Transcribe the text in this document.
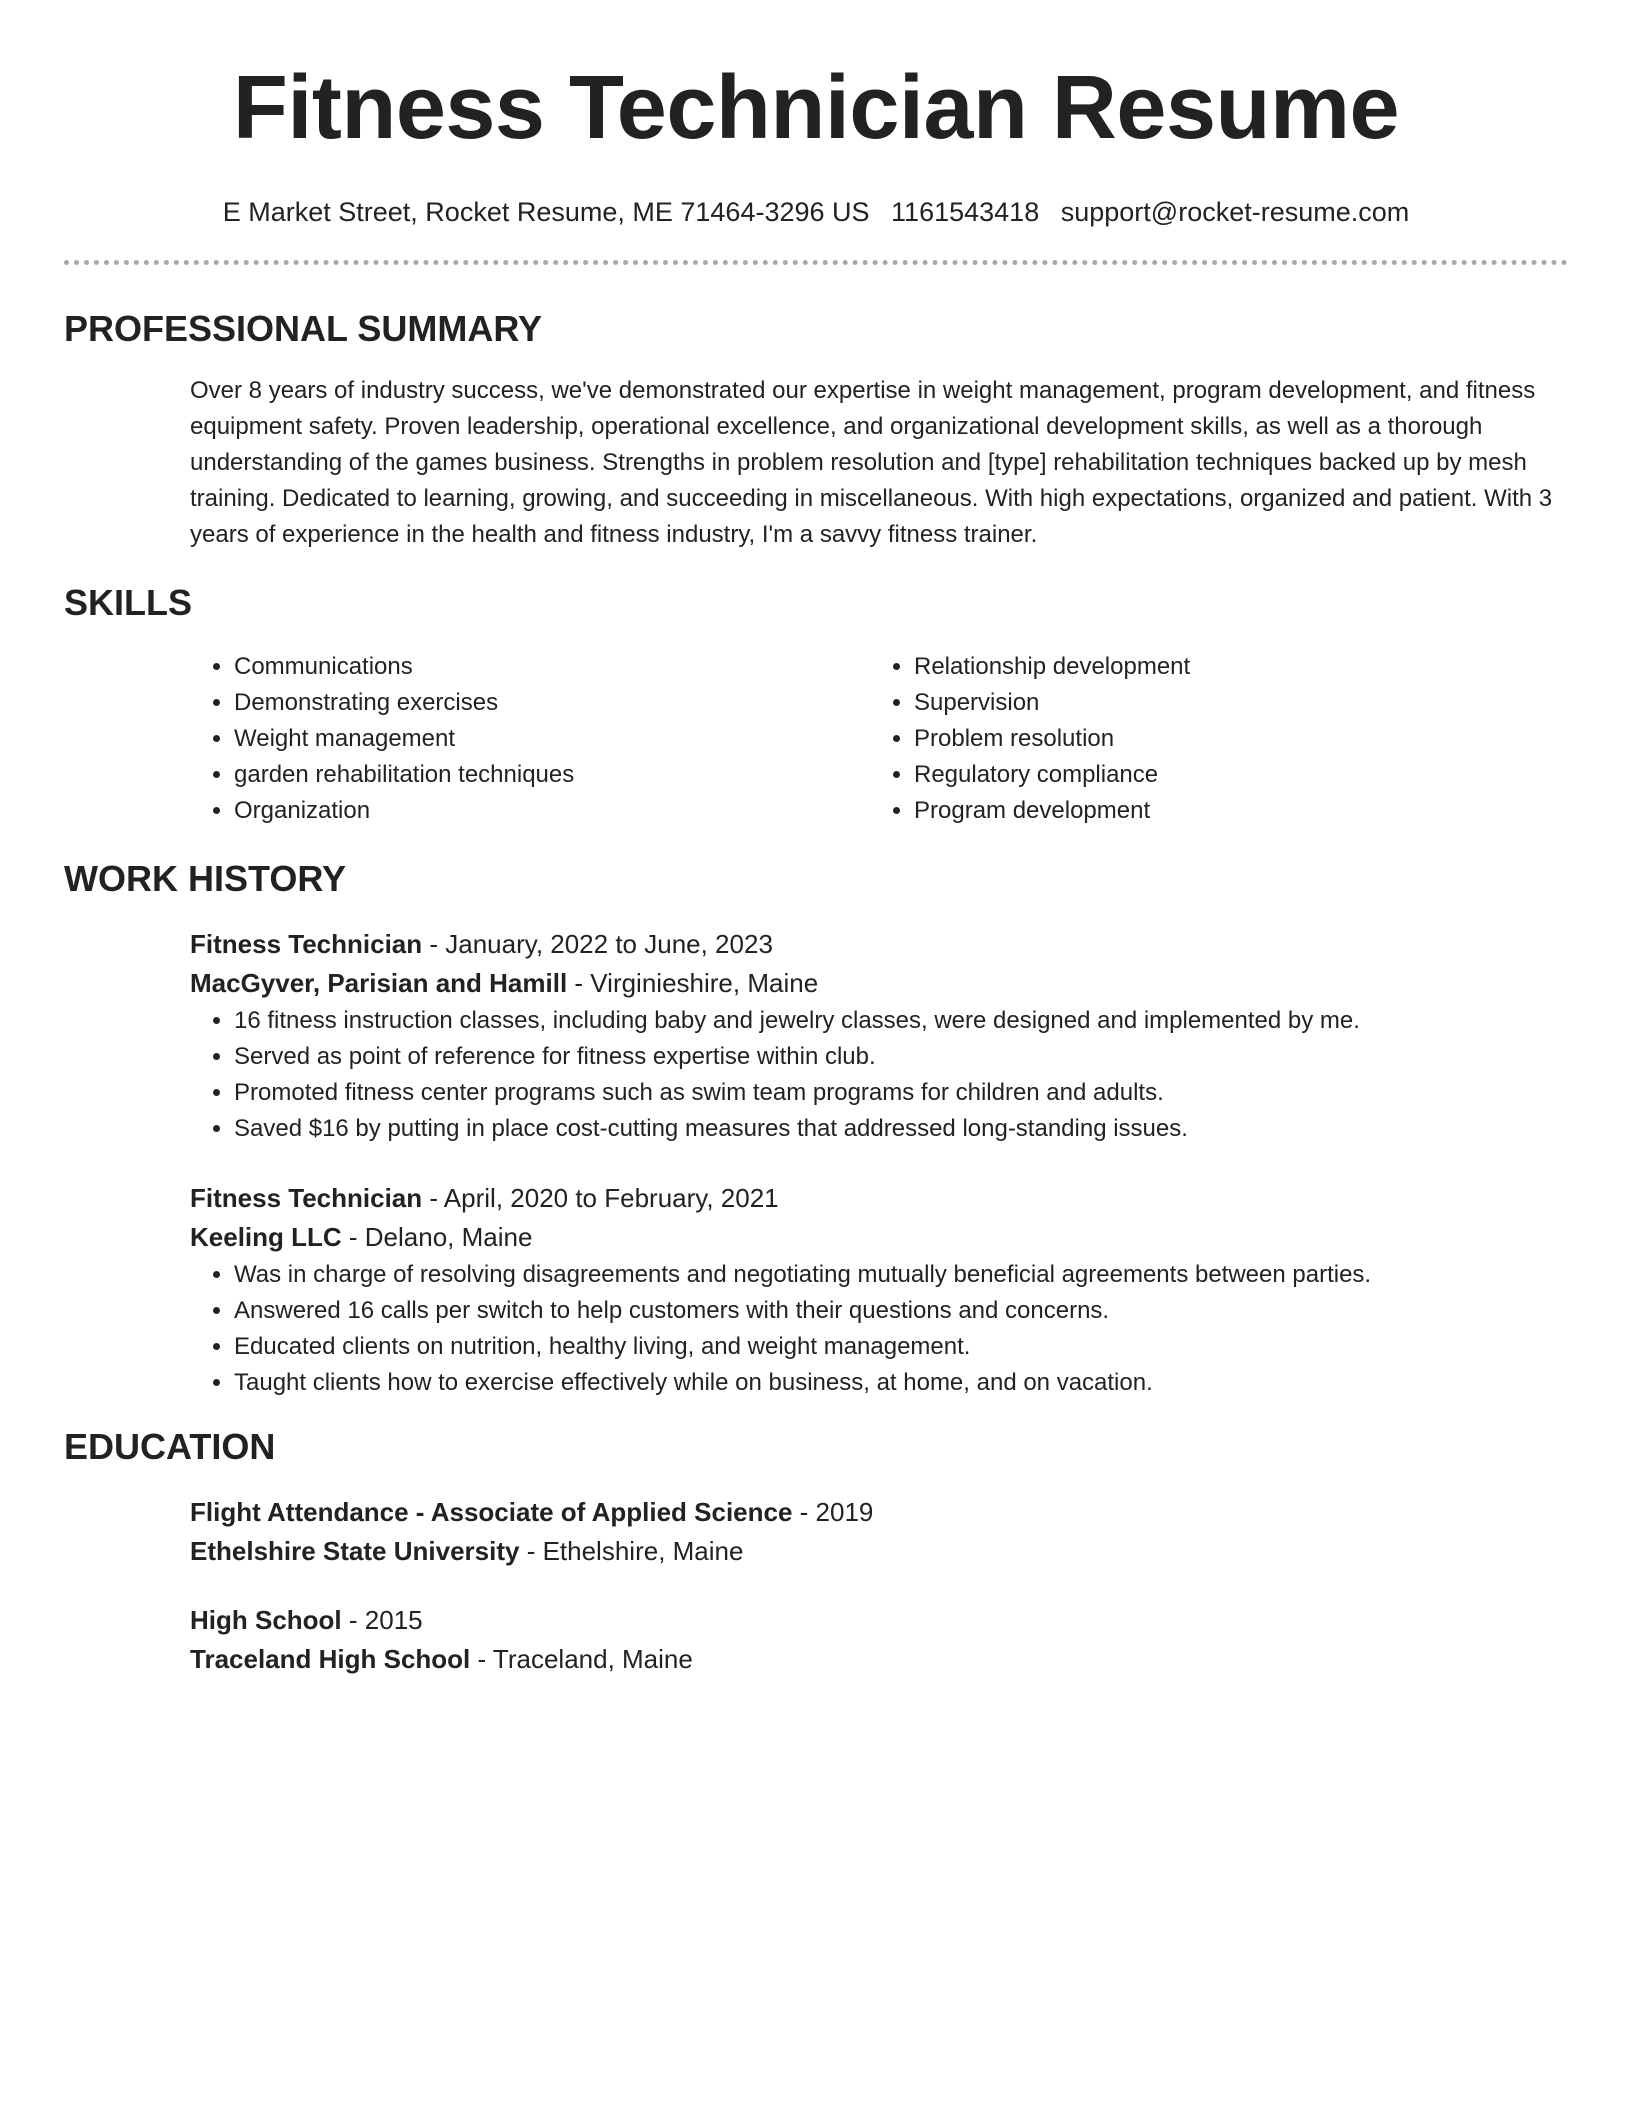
Fitness Technician Resume
E Market Street, Rocket Resume, ME 71464-3296 US 1161543418 support@rocket-resume.com
PROFESSIONAL SUMMARY
Over 8 years of industry success, we've demonstrated our expertise in weight management, program development, and fitness equipment safety. Proven leadership, operational excellence, and organizational development skills, as well as a thorough understanding of the games business. Strengths in problem resolution and [type] rehabilitation techniques backed up by mesh training. Dedicated to learning, growing, and succeeding in miscellaneous. With high expectations, organized and patient. With 3 years of experience in the health and fitness industry, I'm a savvy fitness trainer.
SKILLS
• Communications
• Demonstrating exercises
• Weight management
• garden rehabilitation techniques
• Organization
• Relationship development
• Supervision
• Problem resolution
• Regulatory compliance
• Program development
WORK HISTORY
Fitness Technician - January, 2022 to June, 2023
MacGyver, Parisian and Hamill - Virginieshire, Maine
• 16 fitness instruction classes, including baby and jewelry classes, were designed and implemented by me.
• Served as point of reference for fitness expertise within club.
• Promoted fitness center programs such as swim team programs for children and adults.
• Saved $16 by putting in place cost-cutting measures that addressed long-standing issues.
Fitness Technician - April, 2020 to February, 2021
Keeling LLC - Delano, Maine
• Was in charge of resolving disagreements and negotiating mutually beneficial agreements between parties.
• Answered 16 calls per switch to help customers with their questions and concerns.
• Educated clients on nutrition, healthy living, and weight management.
• Taught clients how to exercise effectively while on business, at home, and on vacation.
EDUCATION
Flight Attendance - Associate of Applied Science - 2019
Ethelshire State University - Ethelshire, Maine
High School - 2015
Traceland High School - Traceland, Maine
